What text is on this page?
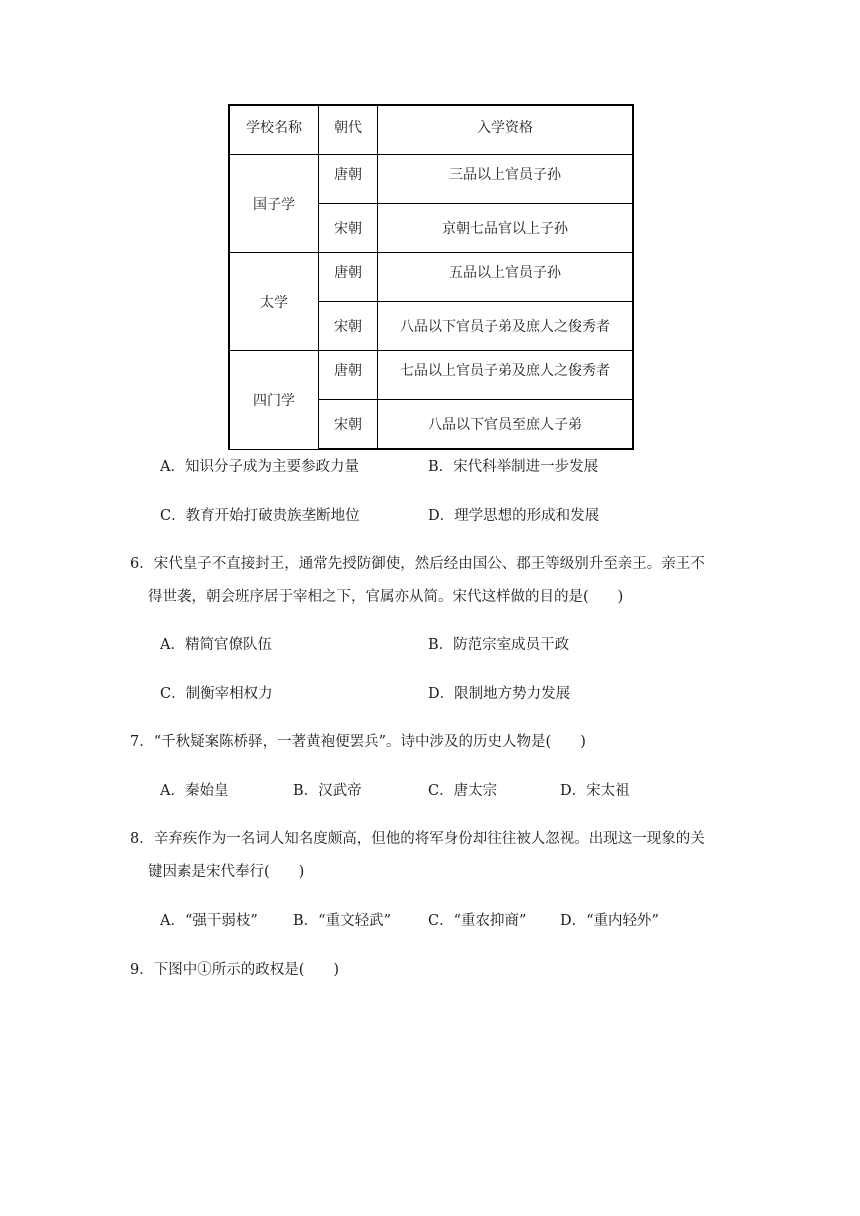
学校名称	朝代	入学资格
国子学	唐朝	三品以上官员子孙
	宋朝	京朝七品官以上子孙
太学	唐朝	五品以上官员子孙
	宋朝	八品以下官员子弟及庶人之俊秀者
四门学	唐朝	七品以上官员子弟及庶人之俊秀者
	宋朝	八品以下官员至庶人子弟
A．知识分子成为主要参政力量	B．宋代科举制进一步发展
C．教育开始打破贵族垄断地位	D．理学思想的形成和发展
6．宋代皇子不直接封王，通常先授防御使，然后经由国公、郡王等级别升至亲王。亲王不
得世袭，朝会班序居于宰相之下，官属亦从简。宋代这样做的目的是(　　)
A．精简官僚队伍	B．防范宗室成员干政
C．制衡宰相权力	D．限制地方势力发展
7．“千秋疑案陈桥驿，一著黄袍便罢兵”。诗中涉及的历史人物是(　　)
A．秦始皇	B．汉武帝	C．唐太宗	D．宋太祖
8．辛弃疾作为一名词人知名度颇高，但他的将军身份却往往被人忽视。出现这一现象的关
键因素是宋代奉行(　　)
A．“强干弱枝” B．“重文轻武”	C．“重农抑商” D．“重内轻外”
9．下图中①所示的政权是(　　)
